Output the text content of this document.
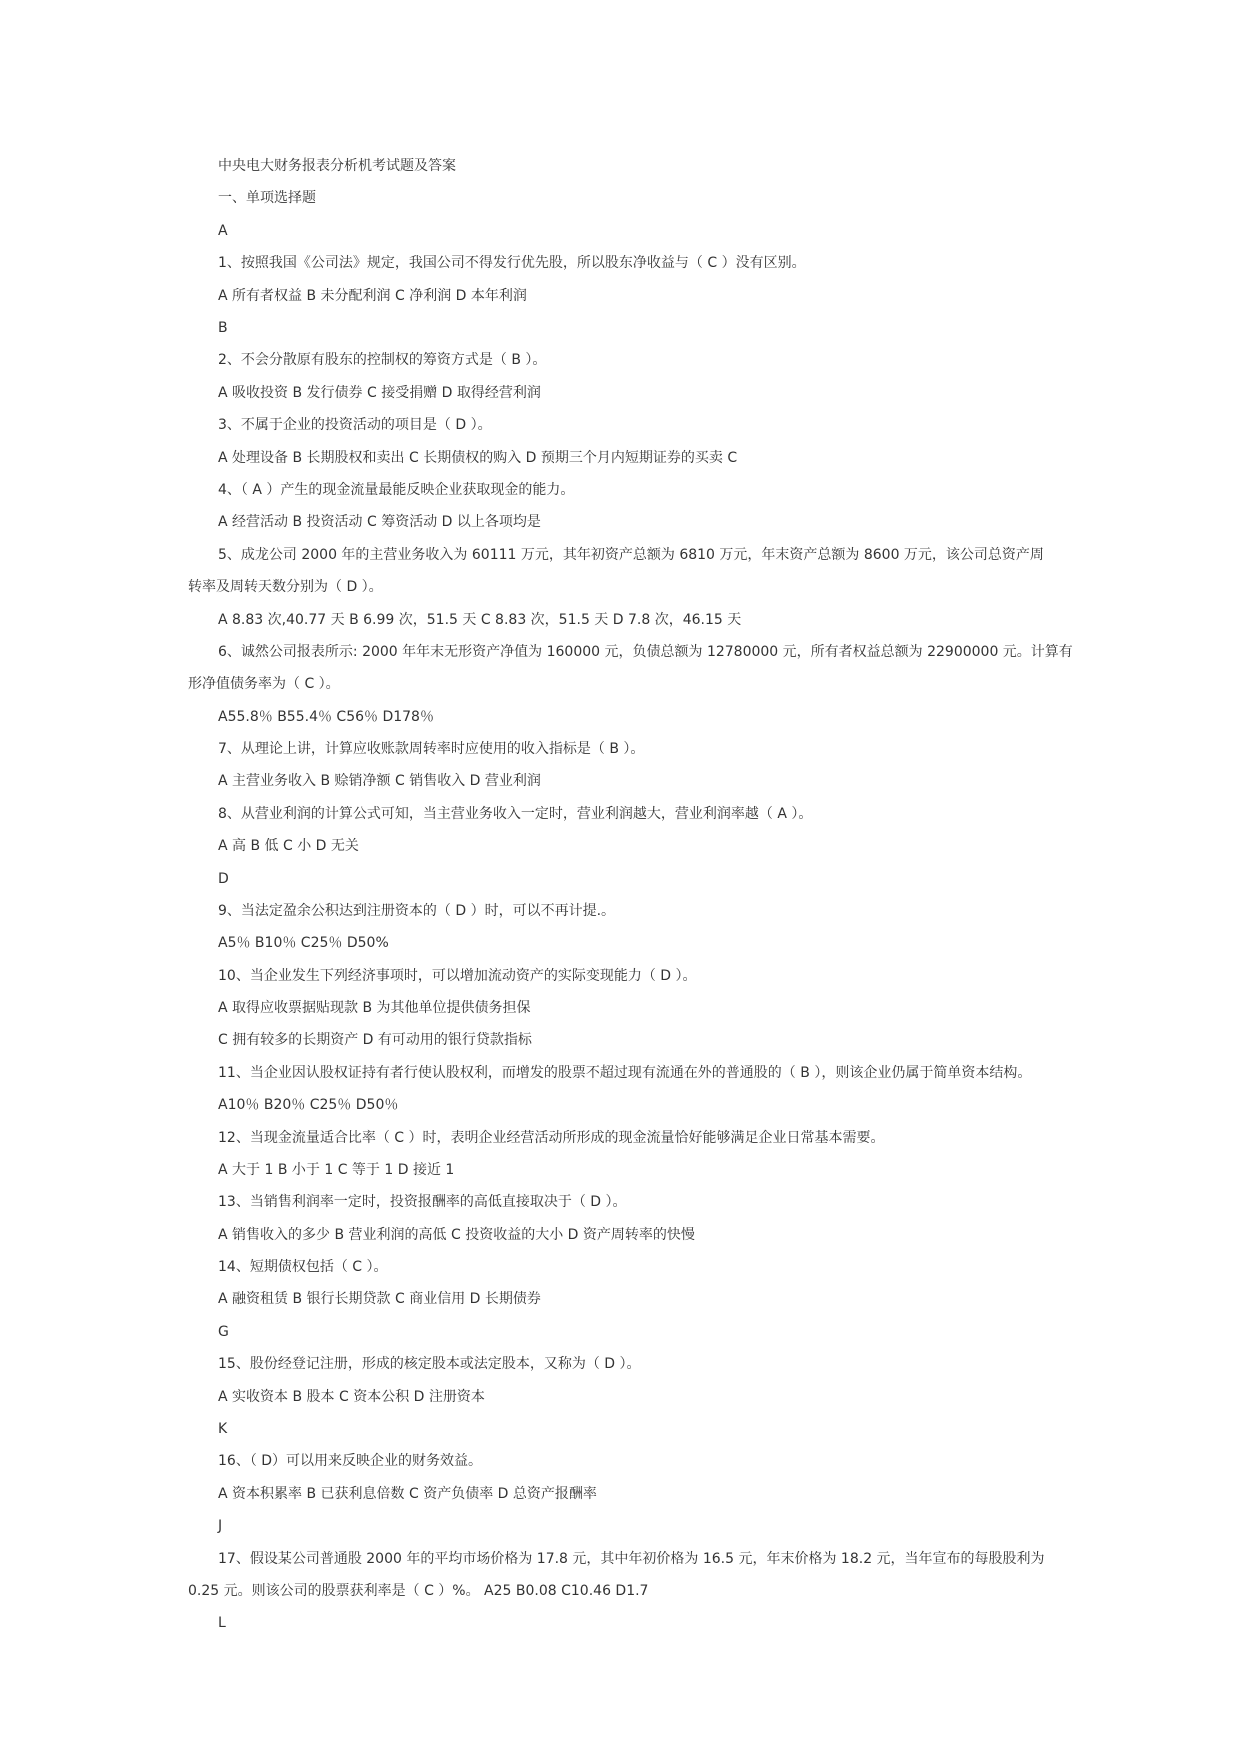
中央电大财务报表分析机考试题及答案
一、单项选择题
A
1、按照我国《公司法》规定，我国公司不得发行优先股，所以股东净收益与（ C ）没有区别。
A 所有者权益 B 未分配利润 C 净利润 D 本年利润
B
2、不会分散原有股东的控制权的筹资方式是（ B ）。
A 吸收投资 B 发行债券 C 接受捐赠 D 取得经营利润
3、不属于企业的投资活动的项目是（ D ）。
A 处理设备 B 长期股权和卖出 C 长期债权的购入 D 预期三个月内短期证券的买卖 C
4、（ A ）产生的现金流量最能反映企业获取现金的能力。
A 经营活动 B 投资活动 C 筹资活动 D 以上各项均是
5、成龙公司 2000 年的主营业务收入为 60111 万元，其年初资产总额为 6810 万元，年末资产总额为 8600 万元，该公司总资产周
转率及周转天数分别为（ D ）。
A 8.83 次,40.77 天 B 6.99 次，51.5 天 C 8.83 次，51.5 天 D 7.8 次，46.15 天
6、诚然公司报表所示: 2000 年年末无形资产净值为 160000 元，负债总额为 12780000 元，所有者权益总额为 22900000 元。计算有
形净值债务率为（ C ）。
A55.8％ B55.4％ C56％ D178％
7、从理论上讲，计算应收账款周转率时应使用的收入指标是（ B ）。
A 主营业务收入 B 赊销净额 C 销售收入 D 营业利润
8、从营业利润的计算公式可知，当主营业务收入一定时，营业利润越大，营业利润率越（ A ）。
A 高 B 低 C 小 D 无关
D
9、当法定盈余公积达到注册资本的（ D ）时，可以不再计提.。
A5％ B10％ C25％ D50%
10、当企业发生下列经济事项时，可以增加流动资产的实际变现能力（ D ）。
A 取得应收票据贴现款 B 为其他单位提供债务担保
C 拥有较多的长期资产 D 有可动用的银行贷款指标
11、当企业因认股权证持有者行使认股权利，而增发的股票不超过现有流通在外的普通股的（ B ），则该企业仍属于简单资本结构。
A10％ B20％ C25％ D50％
12、当现金流量适合比率（ C ）时，表明企业经营活动所形成的现金流量恰好能够满足企业日常基本需要。
A 大于 1 B 小于 1 C 等于 1 D 接近 1
13、当销售利润率一定时，投资报酬率的高低直接取决于（ D ）。
A 销售收入的多少 B 营业利润的高低 C 投资收益的大小 D 资产周转率的快慢
14、短期债权包括（ C ）。
A 融资租赁 B 银行长期贷款 C 商业信用 D 长期债券
G
15、股份经登记注册，形成的核定股本或法定股本，又称为（ D ）。
A 实收资本 B 股本 C 资本公积 D 注册资本
K
16、（ D）可以用来反映企业的财务效益。
A 资本积累率 B 已获利息倍数 C 资产负债率 D 总资产报酬率
J
17、假设某公司普通股 2000 年的平均市场价格为 17.8 元，其中年初价格为 16.5 元，年末价格为 18.2 元，当年宣布的每股股利为
0.25 元。则该公司的股票获利率是（ C ）%。 A25 B0.08 C10.46 D1.7
L
